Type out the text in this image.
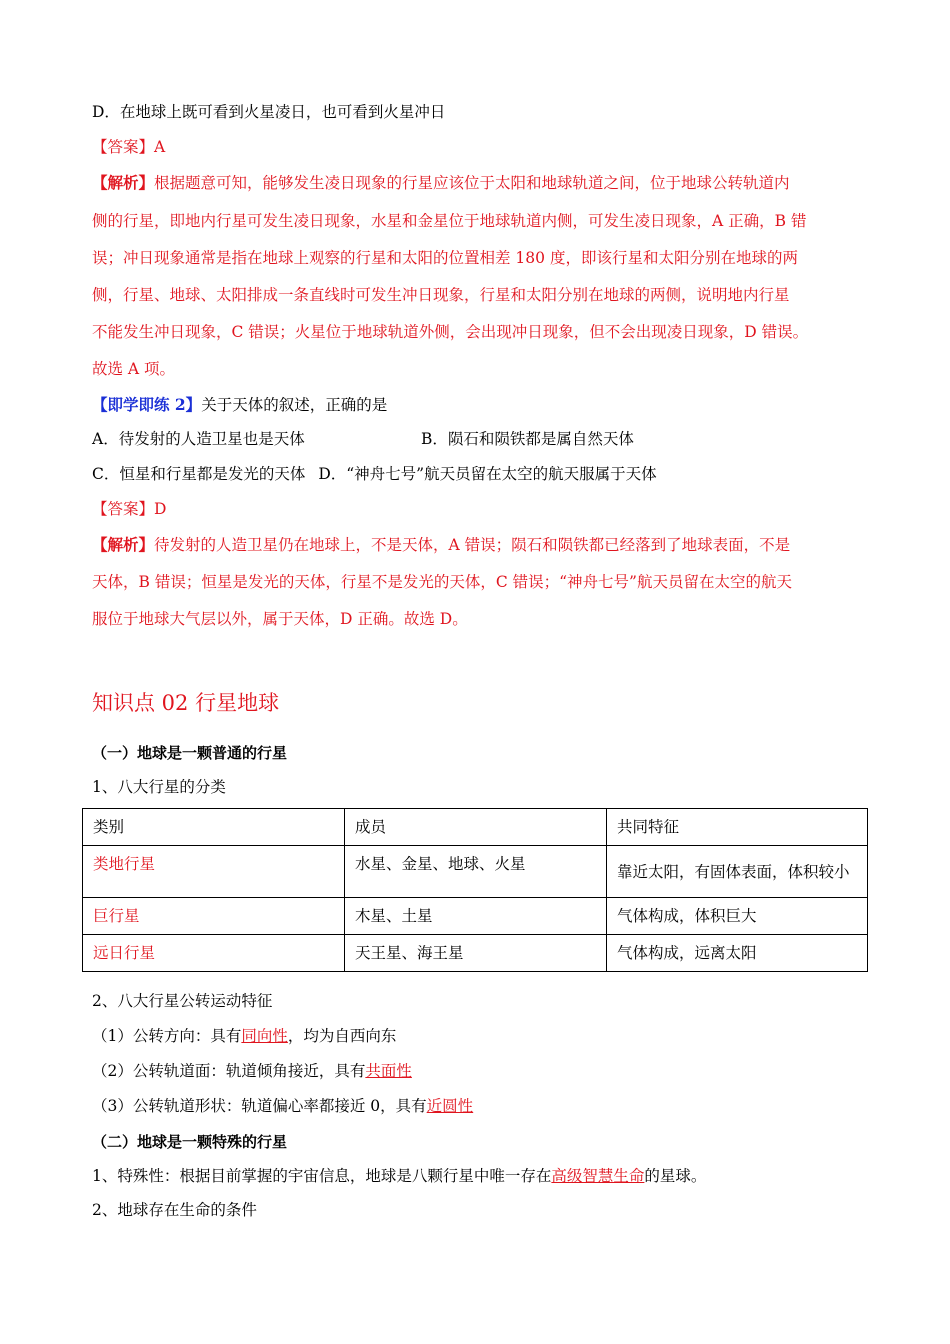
D．在地球上既可看到火星凌日，也可看到火星冲日
【答案】A
【解析】根据题意可知，能够发生凌日现象的行星应该位于太阳和地球轨道之间，位于地球公转轨道内
侧的行星，即地内行星可发生凌日现象，水星和金星位于地球轨道内侧，可发生凌日现象，A 正确，B 错
误；冲日现象通常是指在地球上观察的行星和太阳的位置相差 180 度，即该行星和太阳分别在地球的两
侧，行星、地球、太阳排成一条直线时可发生冲日现象，行星和太阳分别在地球的两侧，说明地内行星
不能发生冲日现象，C 错误；火星位于地球轨道外侧，会出现冲日现象，但不会出现凌日现象，D 错误。
故选 A 项。
【即学即练 2】关于天体的叙述，正确的是
A．待发射的人造卫星也是天体	B．陨石和陨铁都是属自然天体
C．恒星和行星都是发光的天体 D．“神舟七号”航天员留在太空的航天服属于天体
【答案】D
【解析】待发射的人造卫星仍在地球上，不是天体，A 错误；陨石和陨铁都已经落到了地球表面，不是
天体，B 错误；恒星是发光的天体，行星不是发光的天体，C 错误；“神舟七号”航天员留在太空的航天
服位于地球大气层以外，属于天体，D 正确。故选 D。
知识点 02 行星地球
（一）地球是一颗普通的行星
1、八大行星的分类
类别	成员	共同特征
类地行星	水星、金星、地球、火星	靠近太阳，有固体表面，体积较小
巨行星	木星、土星	气体构成，体积巨大
远日行星	天王星、海王星	气体构成，远离太阳
2、八大行星公转运动特征
（1）公转方向：具有同向性，均为自西向东
（2）公转轨道面：轨道倾角接近，具有共面性
（3）公转轨道形状：轨道偏心率都接近 0，具有近圆性
（二）地球是一颗特殊的行星
1、特殊性：根据目前掌握的宇宙信息，地球是八颗行星中唯一存在高级智慧生命的星球。
2、地球存在生命的条件
